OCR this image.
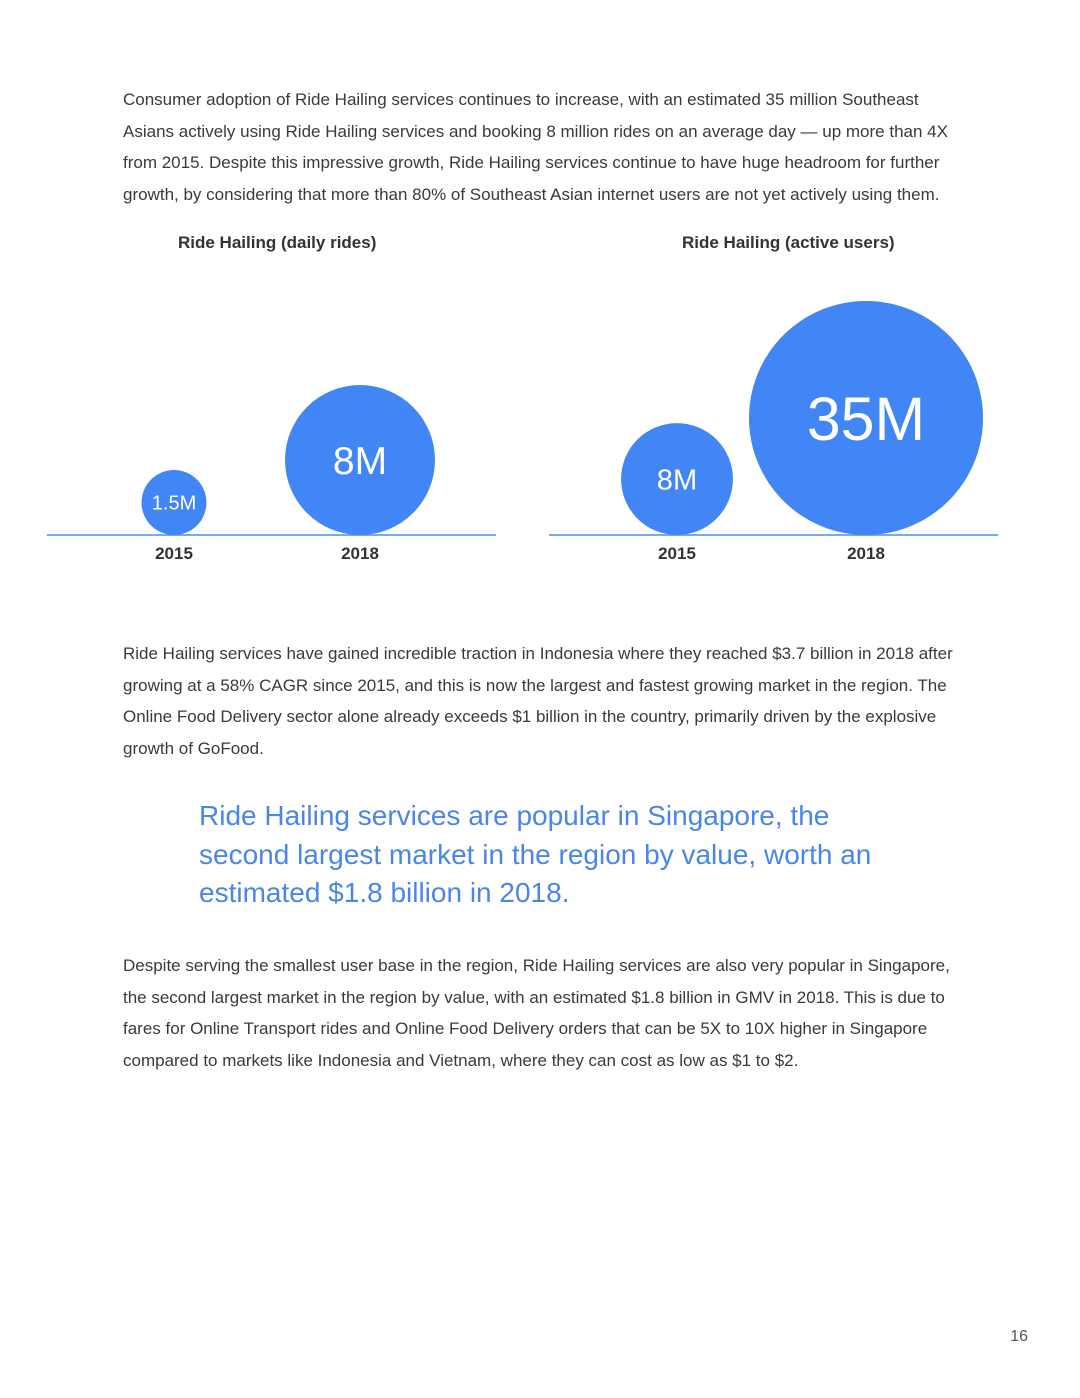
Consumer adoption of Ride Hailing services continues to increase, with an estimated 35 million Southeast Asians actively using Ride Hailing services and booking 8 million rides on an average day — up more than 4X from 2015. Despite this impressive growth, Ride Hailing services continue to have huge headroom for further growth, by considering that more than 80% of Southeast Asian internet users are not yet actively using them.

Ride Hailing (daily rides)
1.5M
2015
8M
2018
Ride Hailing (active users)
8M
2015
35M
2018

Ride Hailing services have gained incredible traction in Indonesia where they reached $3.7 billion in 2018 after growing at a 58% CAGR since 2015, and this is now the largest and fastest growing market in the region. The Online Food Delivery sector alone already exceeds $1 billion in the country, primarily driven by the explosive growth of GoFood.

Ride Hailing services are popular in Singapore, the second largest market in the region by value, worth an estimated $1.8 billion in 2018.

Despite serving the smallest user base in the region, Ride Hailing services are also very popular in Singapore, the second largest market in the region by value, with an estimated $1.8 billion in GMV in 2018. This is due to fares for Online Transport rides and Online Food Delivery orders that can be 5X to 10X higher in Singapore compared to markets like Indonesia and Vietnam, where they can cost as low as $1 to $2.

16
